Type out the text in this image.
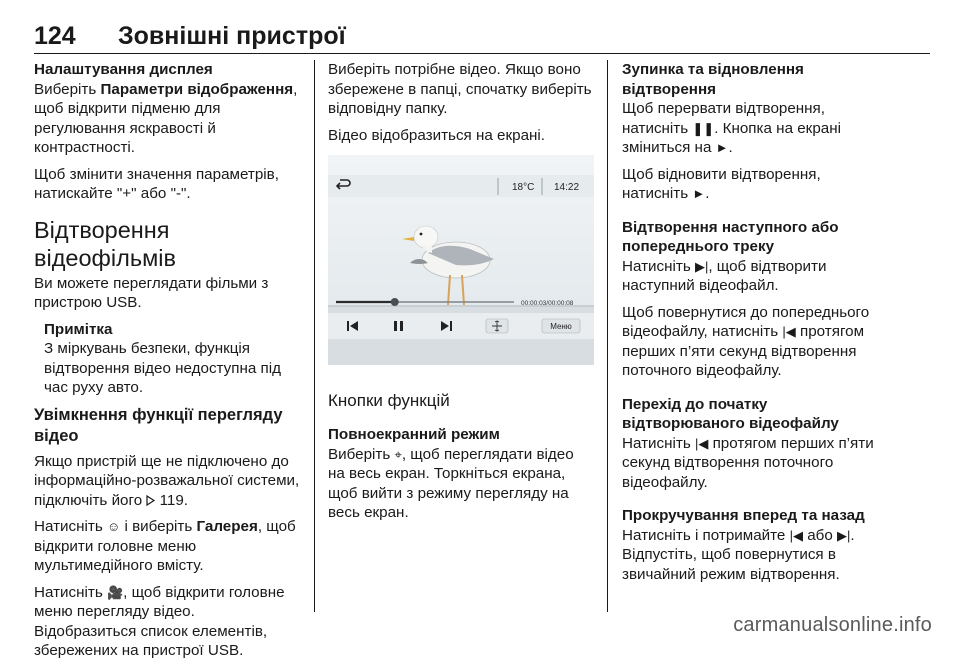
124 Зовнішні пристрої

Налаштування дисплея

Виберіть Параметри відображення, щоб відкрити підменю для регулювання яскравості й контрастності.

Щоб змінити значення параметрів, натискайте "+" або "-".

Відтворення відеофільмів

Ви можете переглядати фільми з пристрою USB.

Примітка
З міркувань безпеки, функція відтворення відео недоступна під час руху авто.

Увімкнення функції перегляду відео

Якщо пристрій ще не підключено до інформаційно-розважальної системи, підключіть його  119.

Натисніть ☺ і виберіть Галерея, щоб відкрити головне меню мультимедійного вмісту.

Натисніть 🎥, щоб відкрити головне меню перегляду відео. Відобразиться список елементів, збережених на пристрої USB.

Виберіть потрібне відео. Якщо воно збережене в папці, спочатку виберіть відповідну папку.

Відео відобразиться на екрані.

18°C 14:22
00:00:03/00:00:08
Меню

Кнопки функцій

Повноекранний режим

Виберіть ⌖, щоб переглядати відео на весь екран. Торкніться екрана, щоб вийти з режиму перегляду на весь екран.

Зупинка та відновлення відтворення

Щоб перервати відтворення, натисніть ❚❚. Кнопка на екрані зміниться на ►.

Щоб відновити відтворення, натисніть ►.

Відтворення наступного або попереднього треку

Натисніть ▶|, щоб відтворити наступний відеофайл.

Щоб повернутися до попереднього відеофайлу, натисніть |◀ протягом перших п’яти секунд відтворення поточного відеофайлу.

Перехід до початку відтворюваного відеофайлу

Натисніть |◀ протягом перших п’яти секунд відтворення поточного відеофайлу.

Прокручування вперед та назад

Натисніть і потримайте |◀ або ▶|.

Відпустіть, щоб повернутися в звичайний режим відтворення.

carmanualsonline.info
